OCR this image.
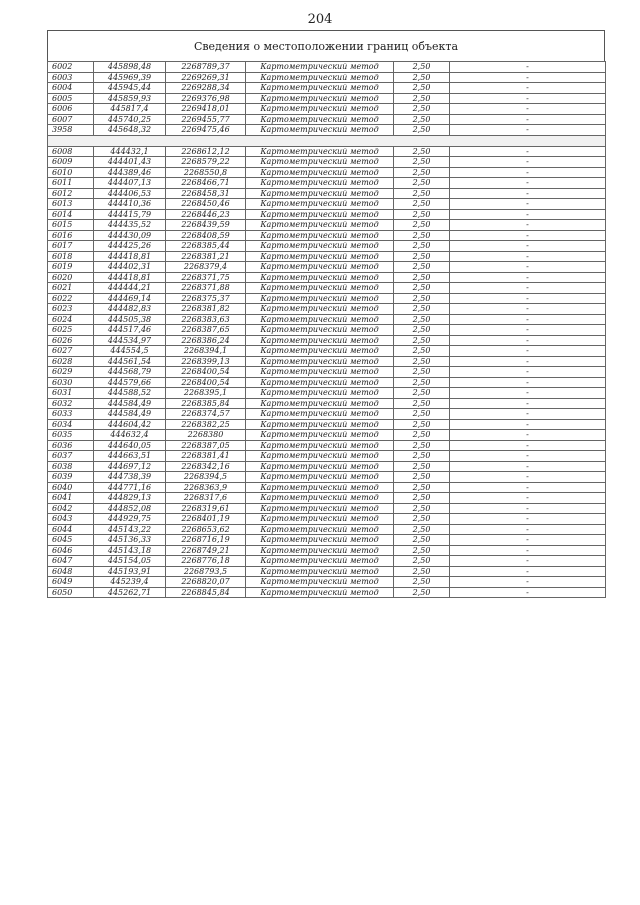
204
Сведения о местоположении границ объекта
6002	445898,48	2268789,37	Картометрический метод	2,50	-
6003	445969,39	2269269,31	Картометрический метод	2,50	-
6004	445945,44	2269288,34	Картометрический метод	2,50	-
6005	445859,93	2269376,98	Картометрический метод	2,50	-
6006	445817,4	2269418,01	Картометрический метод	2,50	-
6007	445740,25	2269455,77	Картометрический метод	2,50	-
3958	445648,32	2269475,46	Картометрический метод	2,50	-

6008	444432,1	2268612,12	Картометрический метод	2,50	-
6009	444401,43	2268579,22	Картометрический метод	2,50	-
6010	444389,46	2268550,8	Картометрический метод	2,50	-
6011	444407,13	2268466,71	Картометрический метод	2,50	-
6012	444406,53	2268458,31	Картометрический метод	2,50	-
6013	444410,36	2268450,46	Картометрический метод	2,50	-
6014	444415,79	2268446,23	Картометрический метод	2,50	-
6015	444435,52	2268439,59	Картометрический метод	2,50	-
6016	444430,09	2268408,59	Картометрический метод	2,50	-
6017	444425,26	2268385,44	Картометрический метод	2,50	-
6018	444418,81	2268381,21	Картометрический метод	2,50	-
6019	444402,31	2268379,4	Картометрический метод	2,50	-
6020	444418,81	2268371,75	Картометрический метод	2,50	-
6021	444444,21	2268371,88	Картометрический метод	2,50	-
6022	444469,14	2268375,37	Картометрический метод	2,50	-
6023	444482,83	2268381,82	Картометрический метод	2,50	-
6024	444505,38	2268383,63	Картометрический метод	2,50	-
6025	444517,46	2268387,65	Картометрический метод	2,50	-
6026	444534,97	2268386,24	Картометрический метод	2,50	-
6027	444554,5	2268394,1	Картометрический метод	2,50	-
6028	444561,54	2268399,13	Картометрический метод	2,50	-
6029	444568,79	2268400,54	Картометрический метод	2,50	-
6030	444579,66	2268400,54	Картометрический метод	2,50	-
6031	444588,52	2268395,1	Картометрический метод	2,50	-
6032	444584,49	2268385,84	Картометрический метод	2,50	-
6033	444584,49	2268374,57	Картометрический метод	2,50	-
6034	444604,42	2268382,25	Картометрический метод	2,50	-
6035	444632,4	2268380	Картометрический метод	2,50	-
6036	444640,05	2268387,05	Картометрический метод	2,50	-
6037	444663,51	2268381,41	Картометрический метод	2,50	-
6038	444697,12	2268342,16	Картометрический метод	2,50	-
6039	444738,39	2268394,5	Картометрический метод	2,50	-
6040	444771,16	2268363,9	Картометрический метод	2,50	-
6041	444829,13	2268317,6	Картометрический метод	2,50	-
6042	444852,08	2268319,61	Картометрический метод	2,50	-
6043	444929,75	2268401,19	Картометрический метод	2,50	-
6044	445143,22	2268653,62	Картометрический метод	2,50	-
6045	445136,33	2268716,19	Картометрический метод	2,50	-
6046	445143,18	2268749,21	Картометрический метод	2,50	-
6047	445154,05	2268776,18	Картометрический метод	2,50	-
6048	445193,91	2268793,5	Картометрический метод	2,50	-
6049	445239,4	2268820,07	Картометрический метод	2,50	-
6050	445262,71	2268845,84	Картометрический метод	2,50	-
